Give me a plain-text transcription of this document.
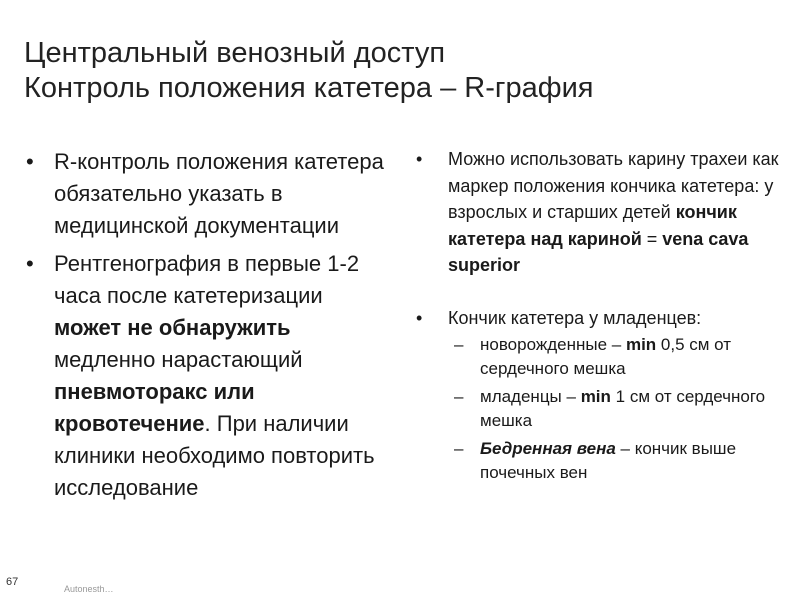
Центральный венозный доступ
Контроль положения катетера – R-графия
• R-контроль положения катетера обязательно указать в медицинской документации
• Рентгенография в первые 1-2 часа после катетеризации может не обнаружить медленно нарастающий пневмоторакс или кровотечение. При наличии клиники необходимо повторить исследование
• Можно использовать карину трахеи как маркер положения кончика катетера: у взрослых и старших детей кончик катетера над кариной = vena cava superior
• Кончик катетера у младенцев:
– новорожденные – min 0,5 см от сердечного мешка
– младенцы – min 1 см от сердечного мешка
– Бедренная вена – кончик выше почечных вен
67
Autonesth…
